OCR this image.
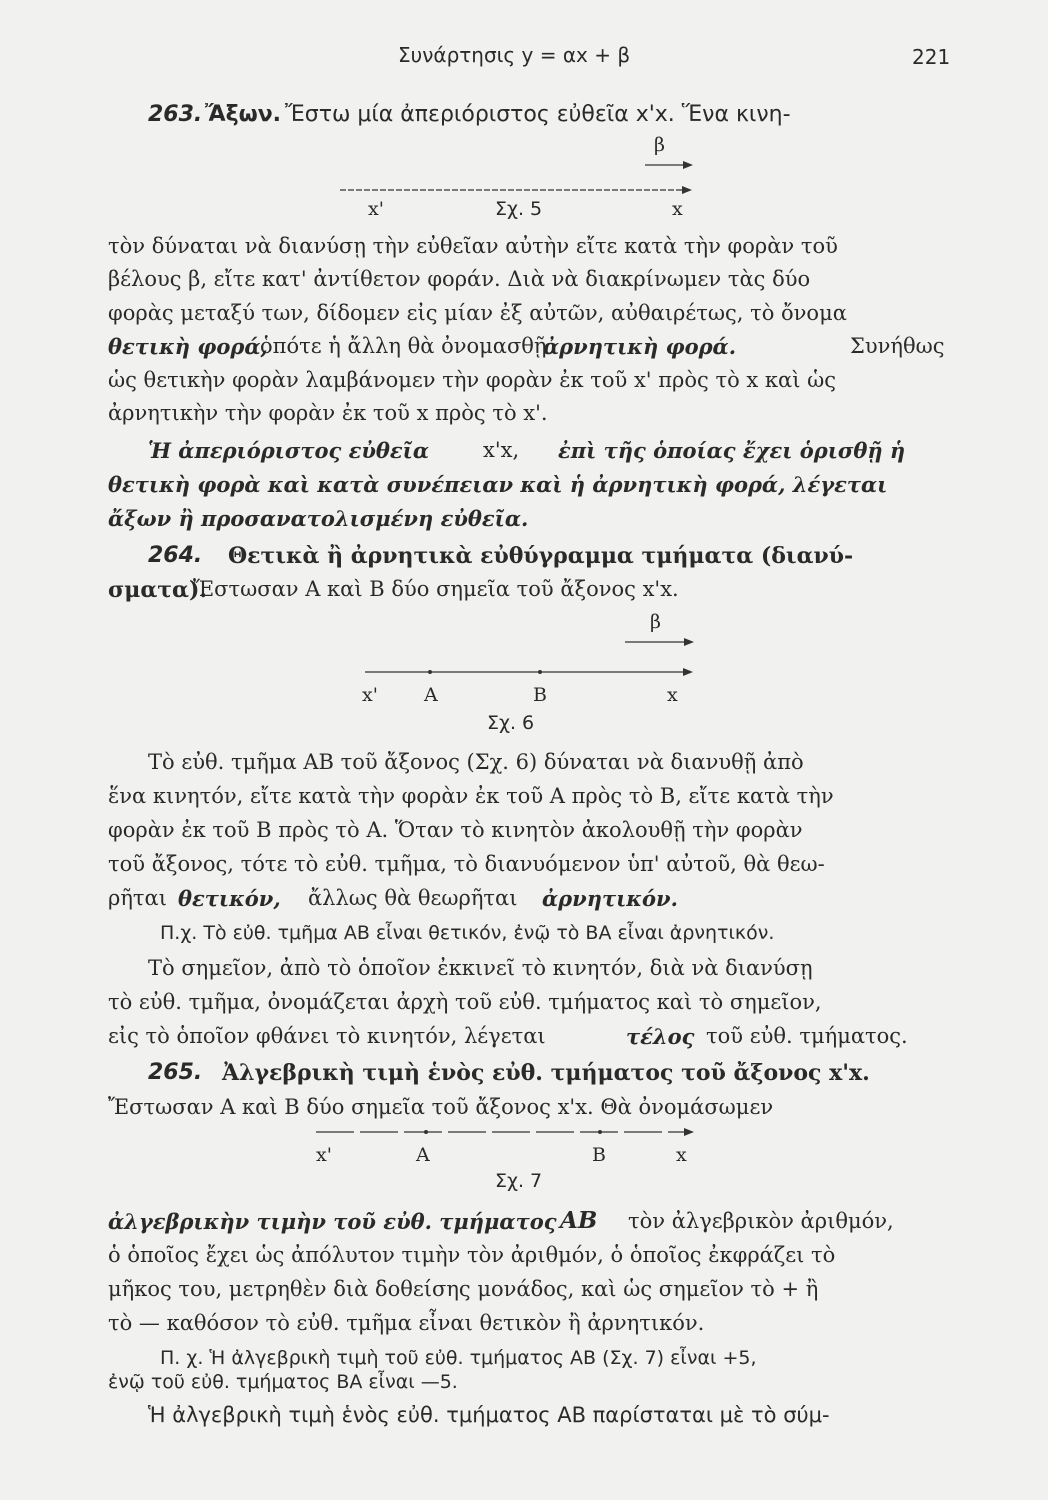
Συνάρτησις y = αx + β	221
263. Ἄξων. Ἔστω μία ἀπεριόριστος εὐθεῖα x'x. Ἕνα κινη-
β
x'	Σχ. 5	x
τὸν δύναται νὰ διανύσῃ τὴν εὐθεῖαν αὐτὴν εἴτε κατὰ τὴν φορὰν τοῦ
βέλους β, εἴτε κατ' ἀντίθετον φοράν. Διὰ νὰ διακρίνωμεν τὰς δύο
φορὰς μεταξύ των, δίδομεν εἰς μίαν ἐξ αὐτῶν, αὐθαιρέτως, τὸ ὄνομα
θετικὴ φορά,
ὁπότε ἡ ἄλλη θὰ ὀνομασθῇ
ἀρνητικὴ φορά.	Συνήθως
ὡς θετικὴν φορὰν λαμβάνομεν τὴν φορὰν ἐκ τοῦ x' πρὸς τὸ x καὶ ὡς
ἀρνητικὴν τὴν φορὰν ἐκ τοῦ x πρὸς τὸ x'.
Ἡ ἀπεριόριστος εὐθεῖα	x'x, ἐπὶ τῆς ὁποίας ἔχει ὁρισθῇ ἡ
θετικὴ φορὰ καὶ κατὰ συνέπειαν καὶ ἡ ἀρνητικὴ φορά, λέγεται
ἄξων ἢ προσανατολισμένη εὐθεῖα.
264. Θετικὰ ἢ ἀρνητικὰ εὐθύγραμμα τμήματα (διανύ-
σματα).
Ἔστωσαν Α καὶ Β δύο σημεῖα τοῦ ἄξονος x'x.
β
x' Α	Β	x
Σχ. 6
Τὸ εὐθ. τμῆμα ΑΒ τοῦ ἄξονος (Σχ. 6) δύναται νὰ διανυθῇ ἀπὸ
ἕνα κινητόν, εἴτε κατὰ τὴν φορὰν ἐκ τοῦ Α πρὸς τὸ Β, εἴτε κατὰ τὴν
φορὰν ἐκ τοῦ Β πρὸς τὸ Α. Ὅταν τὸ κινητὸν ἀκολουθῇ τὴν φορὰν
τοῦ ἄξονος, τότε τὸ εὐθ. τμῆμα, τὸ διανυόμενον ὑπ' αὐτοῦ, θὰ θεω-
ρῆται θετικόν, ἄλλως θὰ θεωρῆται ἀρνητικόν.
Π.χ. Τὸ εὐθ. τμῆμα ΑΒ εἶναι θετικόν, ἐνῷ τὸ ΒΑ εἶναι ἀρνητικόν.
Τὸ σημεῖον, ἀπὸ τὸ ὁποῖον ἐκκινεῖ τὸ κινητόν, διὰ νὰ διανύσῃ
τὸ εὐθ. τμῆμα, ὀνομάζεται ἀρχὴ τοῦ εὐθ. τμήματος καὶ τὸ σημεῖον,
εἰς τὸ ὁποῖον φθάνει τὸ κινητόν, λέγεται	τέλος τοῦ εὐθ. τμήματος.
265. Ἀλγεβρικὴ τιμὴ ἑνὸς εὐθ. τμήματος τοῦ ἄξονος x'x.
Ἔστωσαν Α καὶ Β δύο σημεῖα τοῦ ἄξονος x'x. Θὰ ὀνομάσωμεν
x'	Α	Β	x
Σχ. 7
ἀλγεβρικὴν τιμὴν τοῦ εὐθ. τμήματος ΑΒ τὸν ἀλγεβρικὸν ἀριθμόν,
ὁ ὁποῖος ἔχει ὡς ἀπόλυτον τιμὴν τὸν ἀριθμόν, ὁ ὁποῖος ἐκφράζει τὸ
μῆκος του, μετρηθὲν διὰ δοθείσης μονάδος, καὶ ὡς σημεῖον τὸ + ἢ
τὸ — καθόσον τὸ εὐθ. τμῆμα εἶναι θετικὸν ἢ ἀρνητικόν.
Π. χ. Ἡ ἀλγεβρικὴ τιμὴ τοῦ εὐθ. τμήματος ΑΒ (Σχ. 7) εἶναι +5,
ἐνῷ τοῦ εὐθ. τμήματος ΒΑ εἶναι —5.
Ἡ ἀλγεβρικὴ τιμὴ ἑνὸς εὐθ. τμήματος ΑΒ παρίσταται μὲ τὸ σύμ-
